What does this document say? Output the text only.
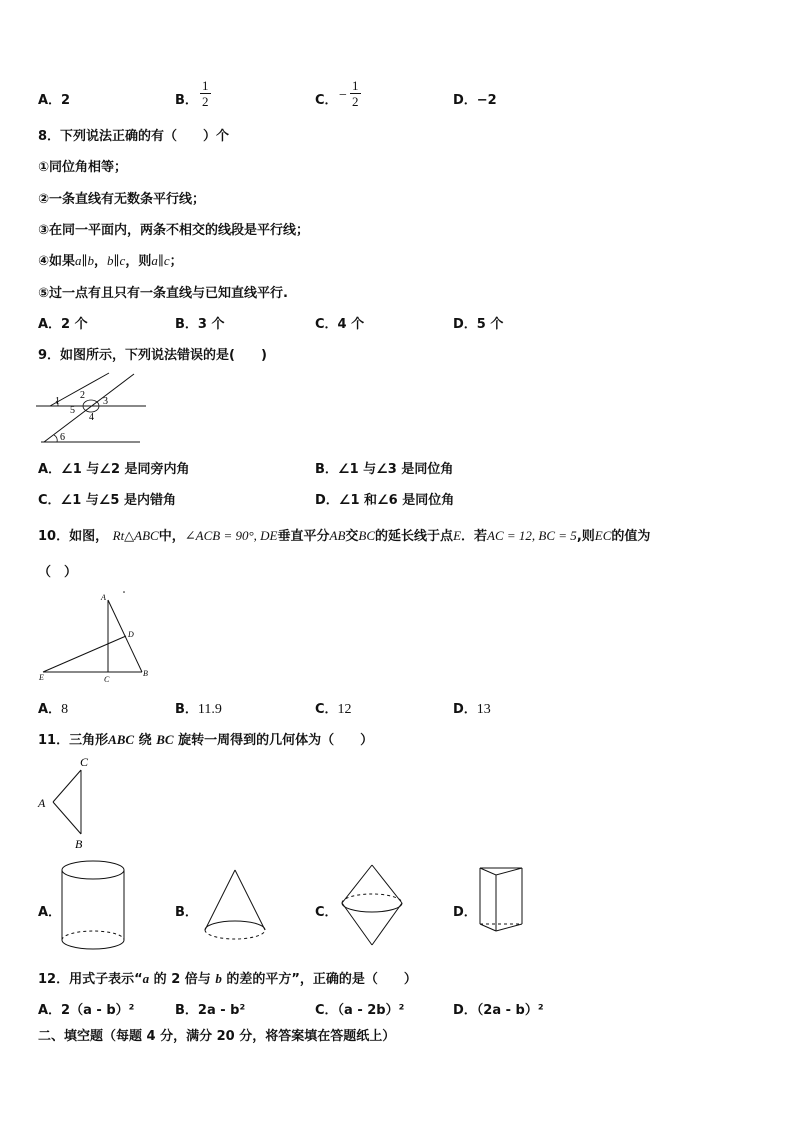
A．2	B． $\frac{1}{2}$	C． − $\frac{1}{2}$	D．−2
8．下列说法正确的有（　　）个
①同位角相等；
②一条直线有无数条平行线；
③在同一平面内，两条不相交的线段是平行线；
④如果a∥b，b∥c，则a∥c；
⑤过一点有且只有一条直线与已知直线平行.
A．2 个	B．3 个	C．4 个	D．5 个
9．如图所示，下列说法错误的是(　　)
1
2
3
5
4
6
A．∠1 与∠2 是同旁内角	B．∠1 与∠3 是同位角
C．∠1 与∠5 是内错角	D．∠1 和∠6 是同位角
10．如图， Rt△ABC中，∠ACB = 90°, DE垂直平分AB交BC的延长线于点E．若AC = 12, BC = 5,则EC的值为
（　）
A
D
E	C
B
A．8	B．11.9	C．12	D．13
11．三角形ABC 绕 BC 旋转一周得到的几何体为（　　）
C
A
B
A．	B．	C．	D．
12．用式子表示“a 的 2 倍与 b 的差的平方”，正确的是（　　）
A．2（a - b）²	B．2a - b²	C．（a - 2b）²	D．（2a - b）²
二、填空题（每题 4 分，满分 20 分，将答案填在答题纸上）
